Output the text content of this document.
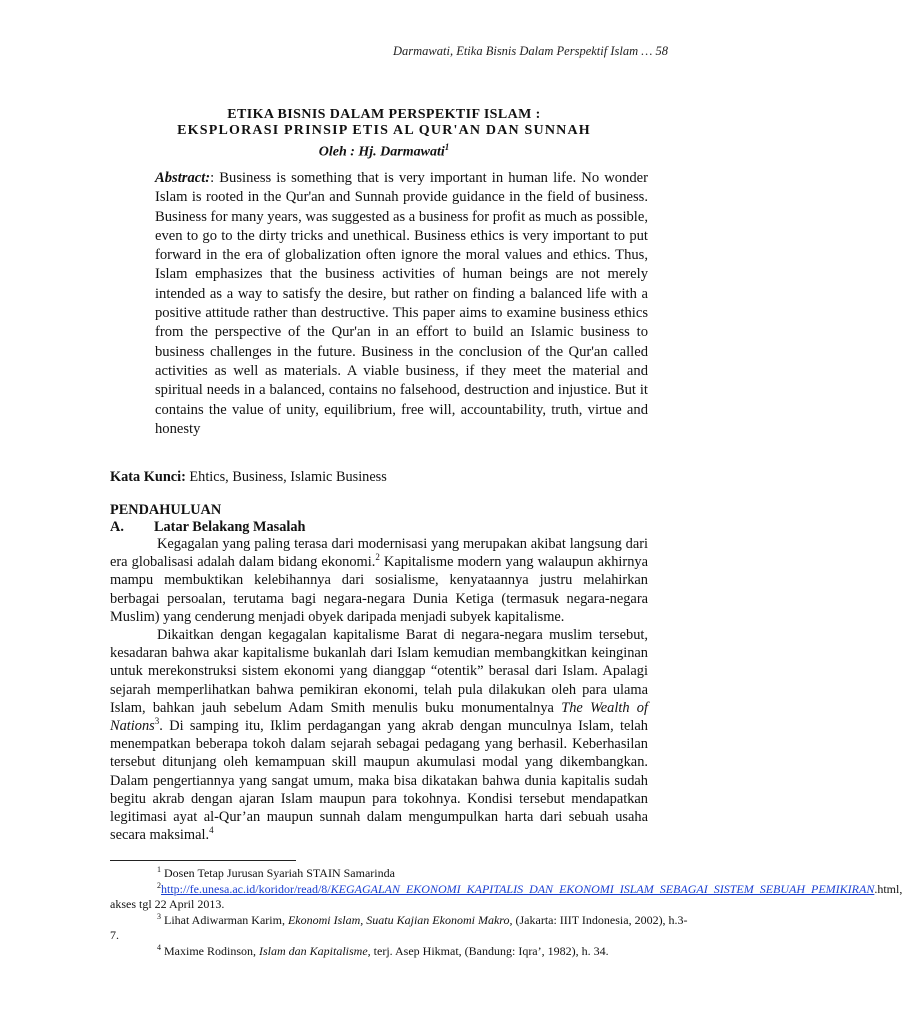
Darmawati, Etika Bisnis Dalam Perspektif Islam … 58
ETIKA BISNIS DALAM PERSPEKTIF ISLAM :
EKSPLORASI PRINSIP ETIS AL QUR'AN DAN SUNNAH
Oleh : Hj. Darmawati$^1$
Abstract:: Business is something that is very important in human life. No wonder Islam is rooted in the Qur'an and Sunnah provide guidance in the field of business. Business for many years, was suggested as a business for profit as much as possible, even to go to the dirty tricks and unethical. Business ethics is very important to put forward in the era of globalization often ignore the moral values and ethics. Thus, Islam emphasizes that the business activities of human beings are not merely intended as a way to satisfy the desire, but rather on finding a balanced life with a positive attitude rather than destructive. This paper aims to examine business ethics from the perspective of the Qur'an in an effort to build an Islamic business to business challenges in the future. Business in the conclusion of the Qur'an called activities as well as materials. A viable business, if they meet the material and spiritual needs in a balanced, contains no falsehood, destruction and injustice. But it contains the value of unity, equilibrium, free will, accountability, truth, virtue and honesty
Kata Kunci: Ehtics, Business, Islamic Business
PENDAHULUAN
A. Latar Belakang Masalah

Kegagalan yang paling terasa dari modernisasi yang merupakan akibat langsung dari era globalisasi adalah dalam bidang ekonomi.$^2$ Kapitalisme modern yang walaupun akhirnya mampu membuktikan kelebihannya dari sosialisme, kenyataannya justru melahirkan berbagai persoalan, terutama bagi negara-negara Dunia Ketiga (termasuk negara-negara Muslim) yang cenderung menjadi obyek daripada menjadi subyek kapitalisme.

Dikaitkan dengan kegagalan kapitalisme Barat di negara-negara muslim tersebut, kesadaran bahwa akar kapitalisme bukanlah dari Islam kemudian membangkitkan keinginan untuk merekonstruksi sistem ekonomi yang dianggap “otentik” berasal dari Islam. Apalagi sejarah memperlihatkan bahwa pemikiran ekonomi, telah pula dilakukan oleh para ulama Islam, bahkan jauh sebelum Adam Smith menulis buku monumentalnya The Wealth of Nations$^3$. Di samping itu, Iklim perdagangan yang akrab dengan munculnya Islam, telah menempatkan beberapa tokoh dalam sejarah sebagai pedagang yang berhasil. Keberhasilan tersebut ditunjang oleh kemampuan skill maupun akumulasi modal yang dikembangkan. Dalam pengertiannya yang sangat umum, maka bisa dikatakan bahwa dunia kapitalis sudah begitu akrab dengan ajaran Islam maupun para tokohnya. Kondisi tersebut mendapatkan legitimasi ayat al-Qur’an maupun sunnah dalam mengumpulkan harta dari sebuah usaha secara maksimal.$^4$

$^1$ Dosen Tetap Jurusan Syariah STAIN Samarinda

$^2$http://fe.unesa.ac.id/koridor/read/8/KEGAGALAN_EKONOMI_KAPITALIS_DAN_EKONOMI_ISLAM_SEBAGAI_SISTEM_SEBUAH_PEMIKIRAN.html, akses tgl 22 April 2013.

$^3$ Lihat Adiwarman Karim, Ekonomi Islam, Suatu Kajian Ekonomi Makro, (Jakarta: IIIT Indonesia, 2002), h.3-7.

$^4$ Maxime Rodinson, Islam dan Kapitalisme, terj. Asep Hikmat, (Bandung: Iqra’, 1982), h. 34.
